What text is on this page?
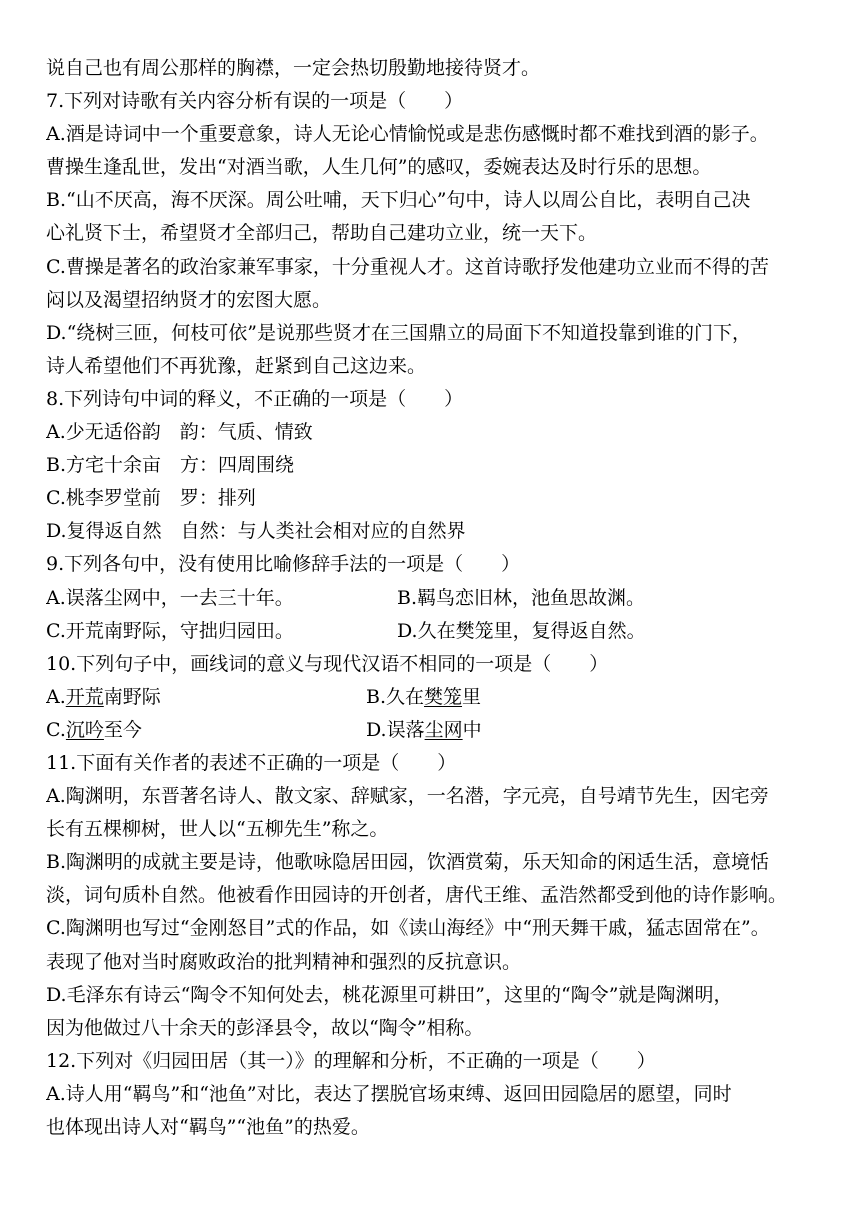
说自己也有周公那样的胸襟，一定会热切殷勤地接待贤才。
7.下列对诗歌有关内容分析有误的一项是（　　）
A.酒是诗词中一个重要意象，诗人无论心情愉悦或是悲伤感慨时都不难找到酒的影子。
曹操生逢乱世，发出“对酒当歌，人生几何”的感叹，委婉表达及时行乐的思想。
B.“山不厌高，海不厌深。周公吐哺，天下归心”句中，诗人以周公自比，表明自己决
心礼贤下士，希望贤才全部归己，帮助自己建功立业，统一天下。
C.曹操是著名的政治家兼军事家，十分重视人才。这首诗歌抒发他建功立业而不得的苦
闷以及渴望招纳贤才的宏图大愿。
D.“绕树三匝，何枝可依”是说那些贤才在三国鼎立的局面下不知道投靠到谁的门下，
诗人希望他们不再犹豫，赶紧到自己这边来。
8.下列诗句中词的释义，不正确的一项是（　　）
A.少无适俗韵　韵：气质、情致
B.方宅十余亩　方：四周围绕
C.桃李罗堂前　罗：排列
D.复得返自然　自然：与人类社会相对应的自然界
9.下列各句中，没有使用比喻修辞手法的一项是（　　）
A.误落尘网中，一去三十年。	B.羁鸟恋旧林，池鱼思故渊。
C.开荒南野际，守拙归园田。	D.久在樊笼里，复得返自然。
10.下列句子中，画线词的意义与现代汉语不相同的一项是（　　）
A.开荒南野际	B.久在樊笼里
C.沉吟至今	D.误落尘网中
11.下面有关作者的表述不正确的一项是（　　）
A.陶渊明，东晋著名诗人、散文家、辞赋家，一名潜，字元亮，自号靖节先生，因宅旁
长有五棵柳树，世人以“五柳先生”称之。
B.陶渊明的成就主要是诗，他歌咏隐居田园，饮酒赏菊，乐天知命的闲适生活，意境恬
淡，词句质朴自然。他被看作田园诗的开创者，唐代王维、孟浩然都受到他的诗作影响。
C.陶渊明也写过“金刚怒目”式的作品，如《读山海经》中“刑天舞干戚，猛志固常在”。
表现了他对当时腐败政治的批判精神和强烈的反抗意识。
D.毛泽东有诗云“陶令不知何处去，桃花源里可耕田”，这里的“陶令”就是陶渊明，
因为他做过八十余天的彭泽县令，故以“陶令”相称。
12.下列对《归园田居（其一）》的理解和分析，不正确的一项是（　　）
A.诗人用“羁鸟”和“池鱼”对比，表达了摆脱官场束缚、返回田园隐居的愿望，同时
也体现出诗人对“羁鸟”“池鱼”的热爱。
